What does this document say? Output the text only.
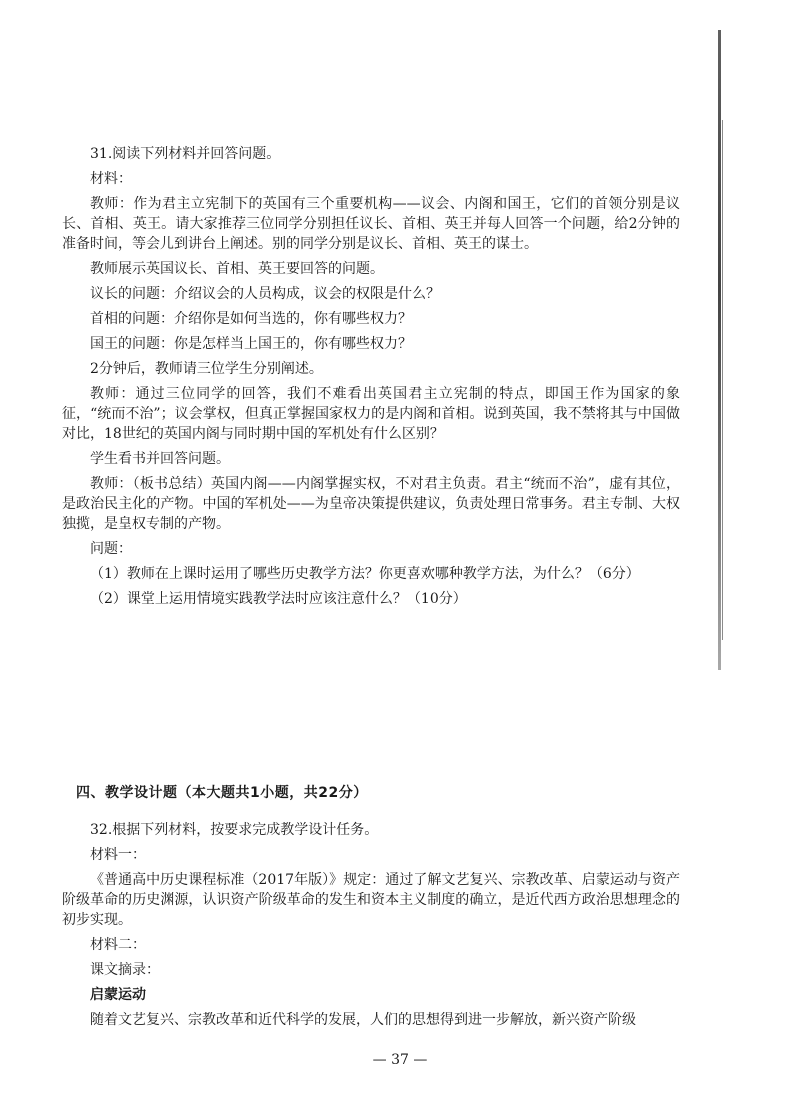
31.阅读下列材料并回答问题。

材料：

教师：作为君主立宪制下的英国有三个重要机构——议会、内阁和国王，它们的首领分别是议长、首相、英王。请大家推荐三位同学分别担任议长、首相、英王并每人回答一个问题，给2分钟的准备时间，等会儿到讲台上阐述。别的同学分别是议长、首相、英王的谋士。

教师展示英国议长、首相、英王要回答的问题。

议长的问题：介绍议会的人员构成，议会的权限是什么？

首相的问题：介绍你是如何当选的，你有哪些权力？

国王的问题：你是怎样当上国王的，你有哪些权力？

2分钟后，教师请三位学生分别阐述。

教师：通过三位同学的回答，我们不难看出英国君主立宪制的特点，即国王作为国家的象征，“统而不治”；议会掌权，但真正掌握国家权力的是内阁和首相。说到英国，我不禁将其与中国做对比，18世纪的英国内阁与同时期中国的军机处有什么区别？

学生看书并回答问题。

教师：（板书总结）英国内阁——内阁掌握实权，不对君主负责。君主“统而不治”，虚有其位，是政治民主化的产物。中国的军机处——为皇帝决策提供建议，负责处理日常事务。君主专制、大权独揽，是皇权专制的产物。

问题：

（1）教师在上课时运用了哪些历史教学方法？你更喜欢哪种教学方法，为什么？（6分）

（2）课堂上运用情境实践教学法时应该注意什么？（10分）

四、教学设计题（本大题共1小题，共22分）

32.根据下列材料，按要求完成教学设计任务。

材料一：

《普通高中历史课程标准（2017年版）》规定：通过了解文艺复兴、宗教改革、启蒙运动与资产阶级革命的历史渊源，认识资产阶级革命的发生和资本主义制度的确立，是近代西方政治思想理念的初步实现。

材料二：

课文摘录：

启蒙运动

随着文艺复兴、宗教改革和近代科学的发展，人们的思想得到进一步解放，新兴资产阶级

— 37 —
